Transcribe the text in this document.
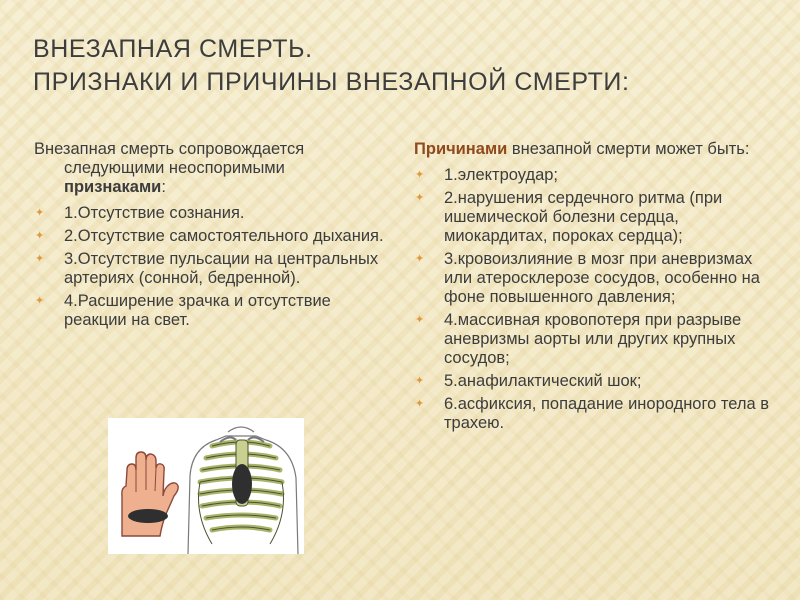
ВНЕЗАПНАЯ СМЕРТЬ.
ПРИЗНАКИ И ПРИЧИНЫ ВНЕЗАПНОЙ СМЕРТИ:

Внезапная смерть сопровождается следующими неоспоримыми признаками:

✦ 1.Отсутствие сознания.
✦ 2.Отсутствие самостоятельного дыхания.
✦ 3.Отсутствие пульсации на центральных артериях (сонной, бедренной).
✦ 4.Расширение зрачка и отсутствие реакции на свет.

Причинами внезапной смерти может быть:

✦ 1.электроудар;
✦ 2.нарушения сердечного ритма (при ишемической болезни сердца, миокардитах, пороках сердца);
✦ 3.кровоизлияние в мозг при аневризмах или атеросклерозе сосудов, особенно на фоне повышенного давления;
✦ 4.массивная кровопотеря при разрыве аневризмы аорты или других крупных сосудов;
✦ 5.анафилактический шок;
✦ 6.асфиксия, попадание инородного тела в трахею.
